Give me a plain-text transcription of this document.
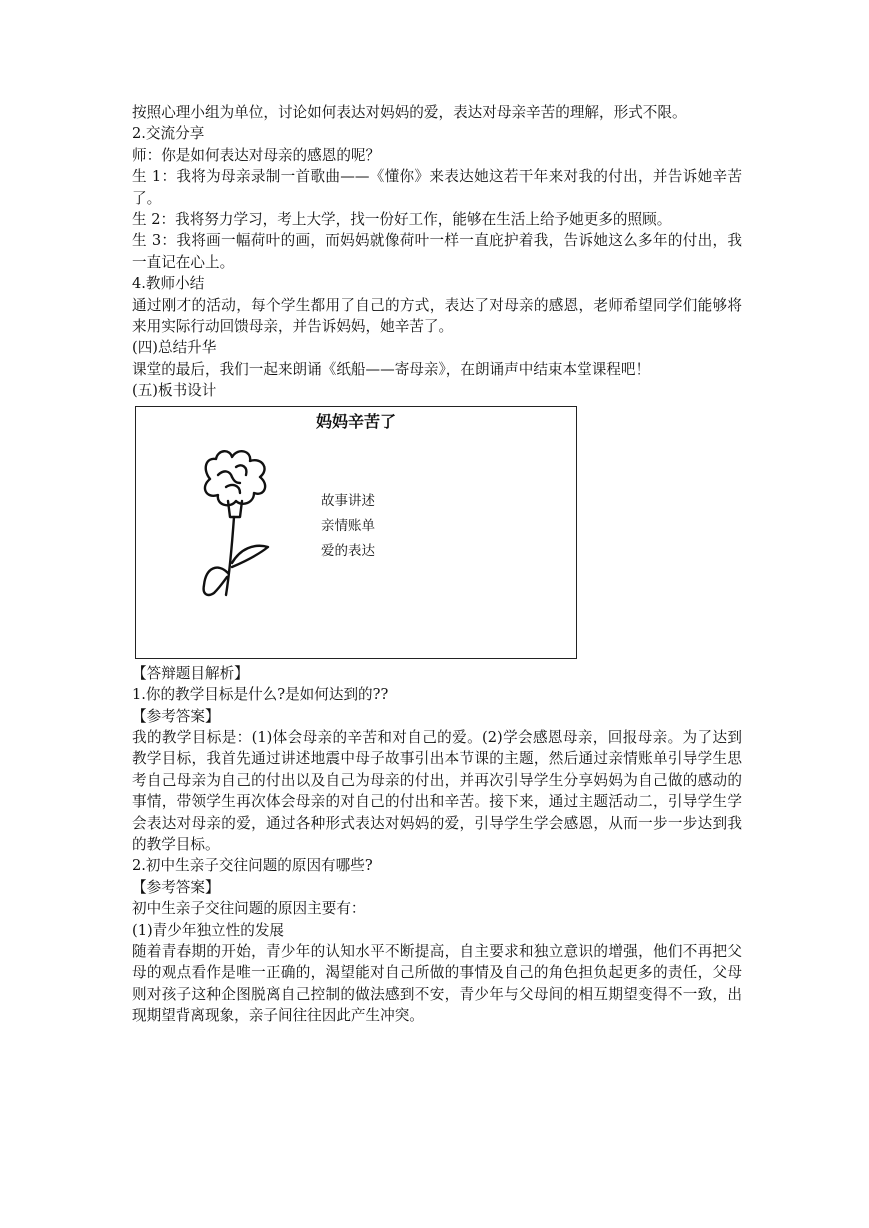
按照心理小组为单位，讨论如何表达对妈妈的爱，表达对母亲辛苦的理解，形式不限。

2.交流分享

师：你是如何表达对母亲的感恩的呢？

生 1：我将为母亲录制一首歌曲——《懂你》来表达她这若干年来对我的付出，并告诉她辛苦了。

生 2：我将努力学习，考上大学，找一份好工作，能够在生活上给予她更多的照顾。

生 3：我将画一幅荷叶的画，而妈妈就像荷叶一样一直庇护着我，告诉她这么多年的付出，我一直记在心上。

4.教师小结

通过刚才的活动，每个学生都用了自己的方式，表达了对母亲的感恩，老师希望同学们能够将来用实际行动回馈母亲，并告诉妈妈，她辛苦了。

(四)总结升华

课堂的最后，我们一起来朗诵《纸船——寄母亲》，在朗诵声中结束本堂课程吧！

(五)板书设计

妈妈辛苦了
故事讲述
亲情账单
爱的表达

【答辩题目解析】

1.你的教学目标是什么?是如何达到的??

【参考答案】

我的教学目标是：(1)体会母亲的辛苦和对自己的爱。(2)学会感恩母亲，回报母亲。为了达到教学目标，我首先通过讲述地震中母子故事引出本节课的主题，然后通过亲情账单引导学生思考自己母亲为自己的付出以及自己为母亲的付出，并再次引导学生分享妈妈为自己做的感动的事情，带领学生再次体会母亲的对自己的付出和辛苦。接下来，通过主题活动二，引导学生学会表达对母亲的爱，通过各种形式表达对妈妈的爱，引导学生学会感恩，从而一步一步达到我的教学目标。

2.初中生亲子交往问题的原因有哪些?

【参考答案】

初中生亲子交往问题的原因主要有：

(1)青少年独立性的发展

随着青春期的开始，青少年的认知水平不断提高，自主要求和独立意识的增强，他们不再把父母的观点看作是唯一正确的，渴望能对自己所做的事情及自己的角色担负起更多的责任，父母则对孩子这种企图脱离自己控制的做法感到不安，青少年与父母间的相互期望变得不一致，出现期望背离现象，亲子间往往因此产生冲突。
